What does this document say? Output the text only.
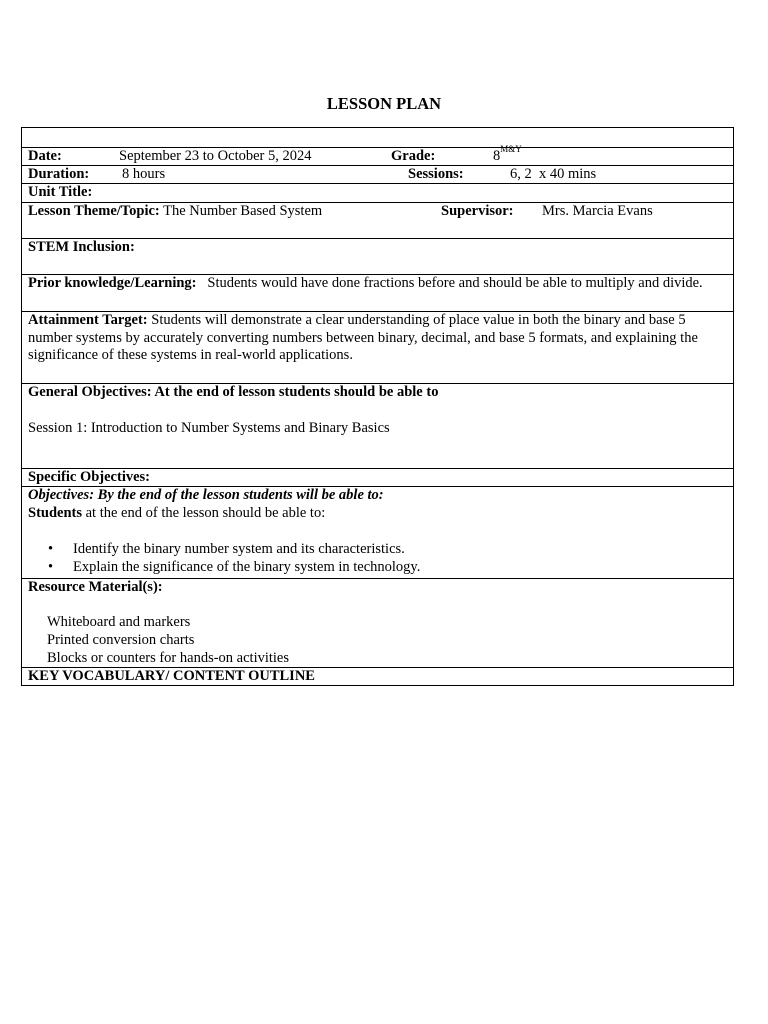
LESSON PLAN
Date:	September 23 to October 5, 2024	Grade:	$8^{M\&Y}$
Duration: 8 hours	Sessions:	6, 2  x 40 mins
Unit Title:
Lesson Theme/Topic: The Number Based System	Supervisor: Mrs. Marcia Evans
STEM Inclusion:

Prior knowledge/Learning: Students would have done fractions before and should be able to multiply and divide.

Attainment Target: Students will demonstrate a clear understanding of place value in both the binary and base 5 number systems by accurately converting numbers between binary, decimal, and base 5 formats, and explaining the significance of these systems in real-world applications.

General Objectives: At the end of lesson students should be able to

Session 1: Introduction to Number Systems and Binary Basics

Specific Objectives:

Objectives: By the end of the lesson students will be able to:

Students at the end of the lesson should be able to:

• Identify the binary number system and its characteristics.
• Explain the significance of the binary system in technology.

Resource Material(s):

Whiteboard and markers
Printed conversion charts
Blocks or counters for hands-on activities
KEY VOCABULARY/ CONTENT OUTLINE
